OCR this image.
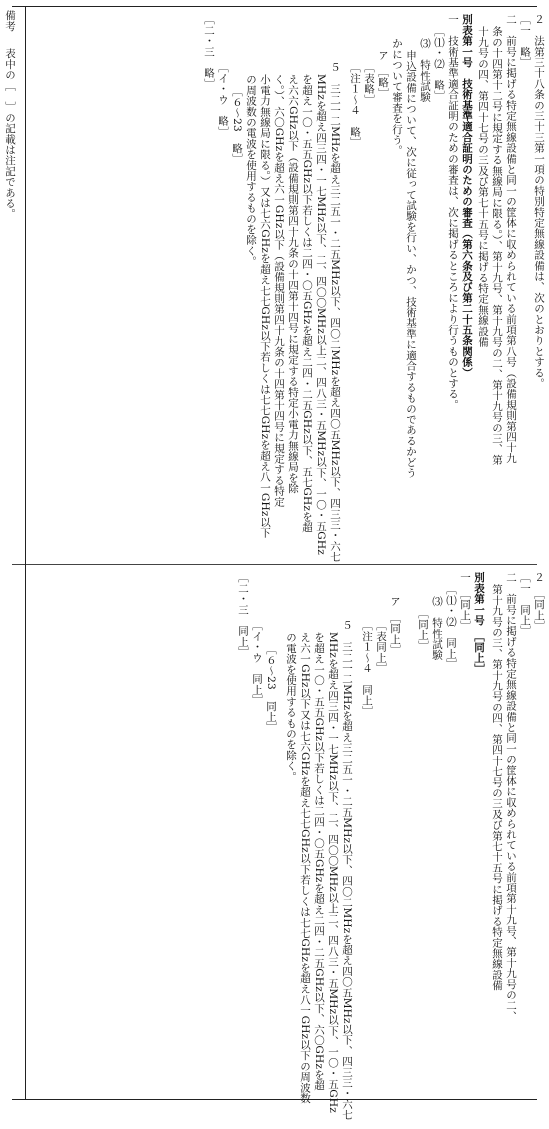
備考
表中の［　］の記載は注記である。	２　法第三十八条の三十三第一項の特別特定無線設備は、次のとおりとする。
［一　略］
二　前号に掲げる特定無線設備と同一の筐体に収められている前項第八号（設備規則第四十九
条の十四第十二号に規定する無線局に限る。）、第十九号、第十九号の二、第十九号の三、第
十九号の四、第四十七号の三及び第七十五号に掲げる特定無線設備
別表第一号　技術基準適合証明のための審査（第六条及び第二十五条関係）
一　技術基準適合証明のための審査は、次に掲げるところにより行うものとする。
［⑴・⑵　略］
⑶　特性試験
申込設備について、次に従って試験を行い、かつ、技術基準に適合するものであるかどう
かについて審査を行う。
ア　［略］
［表略］
［注１～４　略］
５　三二一二MHzを超え三二五一・二五MHz以下、四〇二MHzを超え四〇五MHz以下、四三三・六七
MHzを超え四三四・一七MHz以下、二、四〇〇MHz以上二、四八三・五MHz以下、一〇・五GHz
を超え一〇・五五GHz以下若しくは二四・〇五GHzを超え二四・二五GHz以下、五七GHzを超
え六六GHz以下（設備規則第四十九条の十四第十四号に規定する特定小電力無線局を除
く。）、六〇GHzを超え六一GHz以下（設備規則第四十九条の十四第十四号に規定する特定
小電力無線局に限る。）又は七六GHzを超え七七GHz以下若しくは七七GHzを超え八一GHz以下
の周波数の電波を使用するものを除く。
［６～23　略］
［イ・ウ　略］
［二・三　略］
２　［同上］
［一　同上］
二　前号に掲げる特定無線設備と同一の筐体に収められている前項第十九号、第十九号の二、
第十九号の三、第十九号の四、第四十七号の三及び第七十五号に掲げる特定無線設備
別表第一号　［同上］
一　［同上］
［⑴・⑵　同上］
⑶　特性試験
［同上］
ア　［同上］
［表同上］
［注１～４　同上］
５　三二一二MHzを超え三二五一・二五MHz以下、四〇二MHzを超え四〇五MHz以下、四三三・六七
MHzを超え四三四・一七MHz以下、二、四〇〇MHz以上二、四八三・五MHz以下、一〇・五GHz
を超え一〇・五五GHz以下若しくは二四・〇五GHzを超え二四・二五GHz以下、六〇GHzを超
え六一GHz以下又は七六GHzを超え七七GHz以下若しくは七七GHzを超え八一GHz以下の周波数
の電波を使用するものを除く。
［６～23　同上］
［イ・ウ　同上］
［二・三　同上］
